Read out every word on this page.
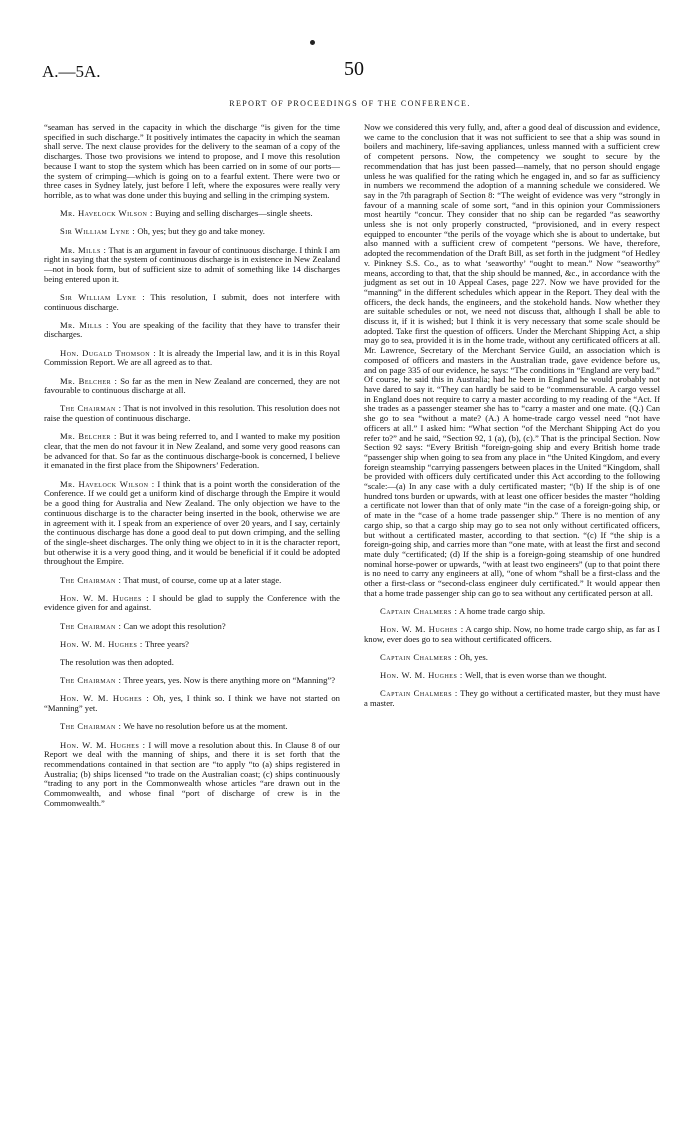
A.—5A.	50
REPORT OF PROCEEDINGS OF THE CONFERENCE.

“seaman has served in the capacity in which the discharge “is given for the time specified in such discharge.” It positively intimates the capacity in which the seaman shall serve. The next clause provides for the delivery to the seaman of a copy of the discharges. Those two provisions we intend to propose, and I move this resolution because I want to stop the system which has been carried on in some of our ports—the system of crimping—which is going on to a fearful extent. There were two or three cases in Sydney lately, just before I left, where the exposures were really very horrible, as to what was done under this buying and selling in the crimping system.

Mr. Havelock Wilson : Buying and selling discharges—single sheets.

Sir William Lyne : Oh, yes; but they go and take money.

Mr. Mills : That is an argument in favour of continuous discharge. I think I am right in saying that the system of continuous discharge is in existence in New Zealand—not in book form, but of sufficient size to admit of something like 14 discharges being entered upon it.

Sir William Lyne : This resolution, I submit, does not interfere with continuous discharge.

Mr. Mills : You are speaking of the facility that they have to transfer their discharges.

Hon. Dugald Thomson : It is already the Imperial law, and it is in this Royal Commission Report. We are all agreed as to that.

Mr. Belcher : So far as the men in New Zealand are concerned, they are not favourable to continuous discharge at all.

The Chairman : That is not involved in this resolution. This resolution does not raise the question of continuous discharge.

Mr. Belcher : But it was being referred to, and I wanted to make my position clear, that the men do not favour it in New Zealand, and some very good reasons can be advanced for that. So far as the continuous discharge-book is concerned, I believe it emanated in the first place from the Shipowners’ Federation.

Mr. Havelock Wilson : I think that is a point worth the consideration of the Conference. If we could get a uniform kind of discharge through the Empire it would be a good thing for Australia and New Zealand. The only objection we have to the continuous discharge is to the character being inserted in the book, otherwise we are in agreement with it. I speak from an experience of over 20 years, and I say, certainly the continuous discharge has done a good deal to put down crimping, and the selling of the single-sheet discharges. The only thing we object to in it is the character report, but otherwise it is a very good thing, and it would be beneficial if it could be adopted throughout the Empire.

The Chairman : That must, of course, come up at a later stage.

Hon. W. M. Hughes : I should be glad to supply the Conference with the evidence given for and against.

The Chairman : Can we adopt this resolution?

Hon. W. M. Hughes : Three years?

The resolution was then adopted.

The Chairman : Three years, yes. Now is there anything more on “Manning”?

Hon. W. M. Hughes : Oh, yes, I think so. I think we have not started on “Manning” yet.

The Chairman : We have no resolution before us at the moment.

Hon. W. M. Hughes : I will move a resolution about this. In Clause 8 of our Report we deal with the manning of ships, and there it is set forth that the recommendations contained in that section are “to apply “to (a) ships registered in Australia; (b) ships licensed “to trade on the Australian coast; (c) ships continuously “trading to any port in the Commonwealth whose articles “are drawn out in the Commonwealth, and whose final “port of discharge of crew is in the Commonwealth.”

Now we considered this very fully, and, after a good deal of discussion and evidence, we came to the conclusion that it was not sufficient to see that a ship was sound in boilers and machinery, life-saving appliances, unless manned with a sufficient crew of competent persons. Now, the competency we sought to secure by the recommendation that has just been passed—namely, that no person should engage unless he was qualified for the rating which he engaged in, and so far as sufficiency in numbers we recommend the adoption of a manning schedule we considered. We say in the 7th paragraph of Section 8: “The weight of evidence was very “strongly in favour of a manning scale of some sort, “and in this opinion your Commissioners most heartily “concur. They consider that no ship can be regarded “as seaworthy unless she is not only properly constructed, “provisioned, and in every respect equipped to encounter “the perils of the voyage which she is about to undertake, but also manned with a sufficient crew of competent “persons. We have, therefore, adopted the recommendation of the Draft Bill, as set forth in the judgment “of Hedley v. Pinkney S.S. Co., as to what ‘seaworthy’ “ought to mean.” Now “seaworthy” means, according to that, that the ship should be manned, &c., in accordance with the judgment as set out in 10 Appeal Cases, page 227. Now we have provided for the “manning” in the different schedules which appear in the Report. They deal with the officers, the deck hands, the engineers, and the stokehold hands. Now whether they are suitable schedules or not, we need not discuss that, although I shall be able to discuss it, if it is wished; but I think it is very necessary that some scale should be adopted. Take first the question of officers. Under the Merchant Shipping Act, a ship may go to sea, provided it is in the home trade, without any certificated officers at all. Mr. Lawrence, Secretary of the Merchant Service Guild, an association which is composed of officers and masters in the Australian trade, gave evidence before us, and on page 335 of our evidence, he says: “The conditions in “England are very bad.” Of course, he said this in Australia; had he been in England he would probably not have dared to say it. “They can hardly be said to be “commensurable. A cargo vessel in England does not require to carry a master according to my reading of the “Act. If she trades as a passenger steamer she has to “carry a master and one mate. (Q.) Can she go to sea “without a mate? (A.) A home-trade cargo vessel need “not have officers at all.” I asked him: “What section “of the Merchant Shipping Act do you refer to?” and he said, “Section 92, 1 (a), (b), (c).” That is the principal Section. Now Section 92 says: “Every British “foreign-going ship and every British home trade “passenger ship when going to sea from any place in “the United Kingdom, and every foreign steamship “carrying passengers between places in the United “Kingdom, shall be provided with officers duly certificated under this Act according to the following “scale:—(a) In any case with a duly certificated master; “(b) If the ship is of one hundred tons burden or upwards, with at least one officer besides the master “holding a certificate not lower than that of only mate “in the case of a foreign-going ship, or of mate in the “case of a home trade passenger ship.” There is no mention of any cargo ship, so that a cargo ship may go to sea not only without certificated officers, but without a certificated master, according to that section. “(c) If “the ship is a foreign-going ship, and carries more than “one mate, with at least the first and second mate duly “certificated; (d) If the ship is a foreign-going steamship of one hundred nominal horse-power or upwards, “with at least two engineers” (up to that point there is no need to carry any engineers at all), “one of whom “shall be a first-class and the other a first-class or “second-class engineer duly certificated.” It would appear then that a home trade passenger ship can go to sea without any certificated person at all.

Captain Chalmers : A home trade cargo ship.

Hon. W. M. Hughes : A cargo ship. Now, no home trade cargo ship, as far as I know, ever does go to sea without certificated officers.

Captain Chalmers : Oh, yes.

Hon. W. M. Hughes : Well, that is even worse than we thought.

Captain Chalmers : They go without a certificated master, but they must have a master.
